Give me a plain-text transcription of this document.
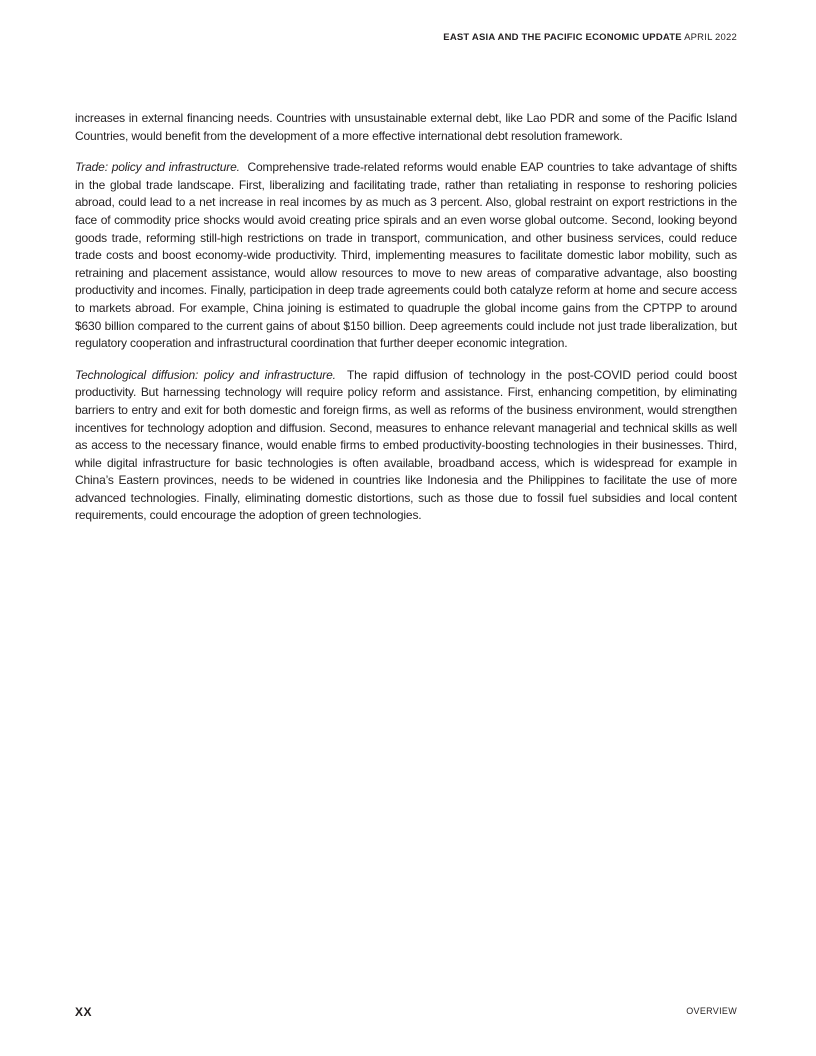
EAST ASIA AND THE PACIFIC ECONOMIC UPDATE APRIL 2022

increases in external financing needs. Countries with unsustainable external debt, like Lao PDR and some of the Pacific Island Countries, would benefit from the development of a more effective international debt resolution framework.

Trade: policy and infrastructure. Comprehensive trade-related reforms would enable EAP countries to take advantage of shifts in the global trade landscape. First, liberalizing and facilitating trade, rather than retaliating in response to reshoring policies abroad, could lead to a net increase in real incomes by as much as 3 percent. Also, global restraint on export restrictions in the face of commodity price shocks would avoid creating price spirals and an even worse global outcome. Second, looking beyond goods trade, reforming still-high restrictions on trade in transport, communication, and other business services, could reduce trade costs and boost economy-wide productivity. Third, implementing measures to facilitate domestic labor mobility, such as retraining and placement assistance, would allow resources to move to new areas of comparative advantage, also boosting productivity and incomes. Finally, participation in deep trade agreements could both catalyze reform at home and secure access to markets abroad. For example, China joining is estimated to quadruple the global income gains from the CPTPP to around $630 billion compared to the current gains of about $150 billion. Deep agreements could include not just trade liberalization, but regulatory cooperation and infrastructural coordination that further deeper economic integration.

Technological diffusion: policy and infrastructure. The rapid diffusion of technology in the post-COVID period could boost productivity. But harnessing technology will require policy reform and assistance. First, enhancing competition, by eliminating barriers to entry and exit for both domestic and foreign firms, as well as reforms of the business environment, would strengthen incentives for technology adoption and diffusion. Second, measures to enhance relevant managerial and technical skills as well as access to the necessary finance, would enable firms to embed productivity-boosting technologies in their businesses. Third, while digital infrastructure for basic technologies is often available, broadband access, which is widespread for example in China’s Eastern provinces, needs to be widened in countries like Indonesia and the Philippines to facilitate the use of more advanced technologies. Finally, eliminating domestic distortions, such as those due to fossil fuel subsidies and local content requirements, could encourage the adoption of green technologies.

XX	OVERVIEW
